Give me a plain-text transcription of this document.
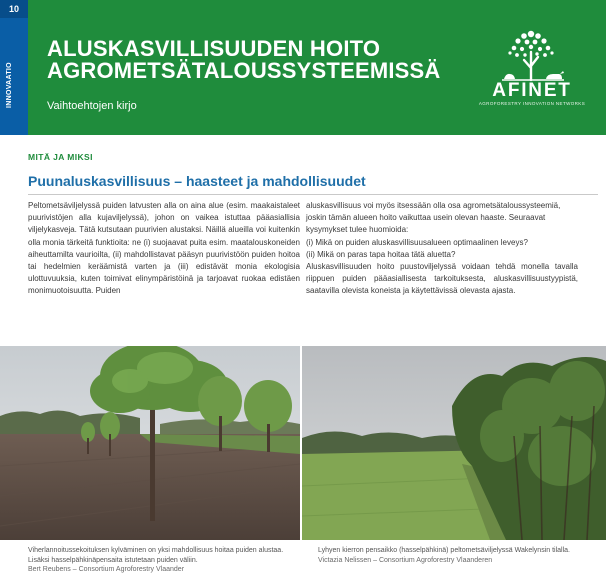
10
INNOVAATIO
ALUSKASVILLISUUDEN HOITO
AGROMETSÄTALOUSSYSTEEMISSÄ
Vaihtoehtojen kirjo
AFINET
AGROFORESTRY INNOVATION NETWORKS
MITÄ JA MIKSI
Puunaluskasvillisuus – haasteet ja mahdollisuudet

Peltometsäviljelyssä puiden latvusten alla on aina alue (esim. maakaistaleet puurivistöjen alla kujaviljelyssä), johon on vaikea istuttaa pääasiallisia viljelykasveja. Tätä kutsutaan puurivien alustaksi. Näillä alueilla voi kuitenkin olla monia tärkeitä funktioita: ne (i) suojaavat puita esim. maatalouskoneiden aiheuttamilta vaurioilta, (ii) mahdollistavat pääsyn puurivistöön puiden hoitoa tai hedelmien keräämistä varten ja (iii) edistävät monia ekologisia ulottuvuuksia, kuten toimivat elinympäristöinä ja tarjoavat ruokaa edistäen monimuotoisuutta. Puiden

aluskasvillisuus voi myös itsessään olla osa agrometsätaloussysteemiä, joskin tämän alueen hoito vaikuttaa usein olevan haaste. Seuraavat kysymykset tulee huomioida:

(i) Mikä on puiden aluskasvillisuusalueen optimaalinen leveys?

(ii) Mikä on paras tapa hoitaa tätä aluetta?

Aluskasvillisuuden hoito puustoviljelyssä voidaan tehdä monella tavalla riippuen puiden pääasiallisesta tarkoituksesta, aluskasvillisuustyypistä, saatavilla olevista koneista ja käytettävissä olevasta ajasta.

Viherlannoitussekoituksen kylväminen on yksi mahdollisuus hoitaa puiden alustaa. Lisäksi hasselpähkinäpensaita istutetaan puiden väliin.
Bert Reubens – Consortium Agroforestry Vlaander
Lyhyen kierron pensaikko (hasselpähkinä) peltometsäviljelyssä Wakelynsin tilalla.
Victazia Nelissen – Consortium Agroforestry Vlaanderen
